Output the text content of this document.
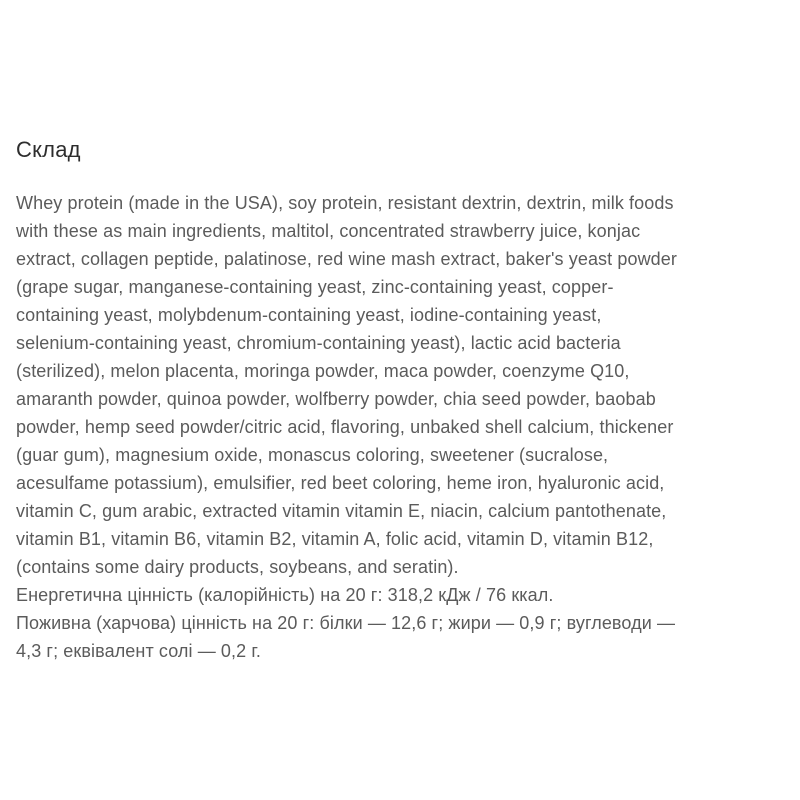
Склад
Whey protein (made in the USA), soy protein, resistant dextrin, dextrin, milk foods
with these as main ingredients, maltitol, concentrated strawberry juice, konjac
extract, collagen peptide, palatinose, red wine mash extract, baker's yeast powder
(grape sugar, manganese-containing yeast, zinc-containing yeast, copper-
containing yeast, molybdenum-containing yeast, iodine-containing yeast,
selenium-containing yeast, chromium-containing yeast), lactic acid bacteria
(sterilized), melon placenta, moringa powder, maca powder, coenzyme Q10,
amaranth powder, quinoa powder, wolfberry powder, chia seed powder, baobab
powder, hemp seed powder/citric acid, flavoring, unbaked shell calcium, thickener
(guar gum), magnesium oxide, monascus coloring, sweetener (sucralose,
acesulfame potassium), emulsifier, red beet coloring, heme iron, hyaluronic acid,
vitamin C, gum arabic, extracted vitamin vitamin E, niacin, calcium pantothenate,
vitamin B1, vitamin B6, vitamin B2, vitamin A, folic acid, vitamin D, vitamin B12,
(contains some dairy products, soybeans, and seratin).
Енергетична цінність (калорійність) на 20 г: 318,2 кДж / 76 ккал.
Поживна (харчова) цінність на 20 г: білки — 12,6 г; жири — 0,9 г; вуглеводи —
4,3 г; еквівалент солі — 0,2 г.
